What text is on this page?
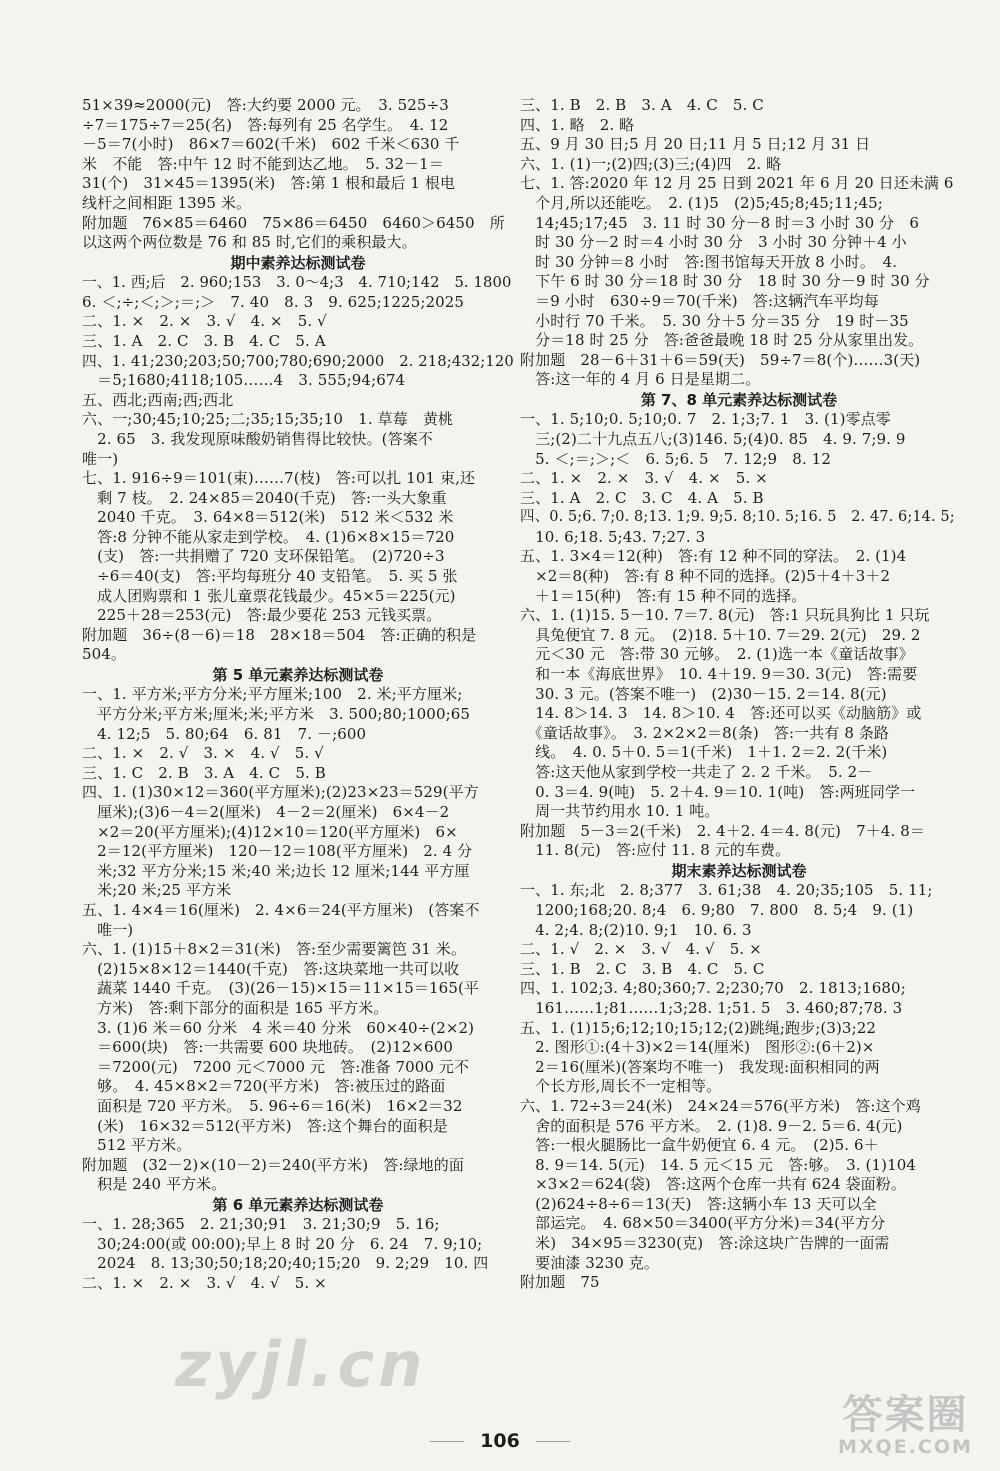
51×39≈2000(元)　答:大约要 2000 元。　3. 525÷3
÷7＝175÷7＝25(名)　答:每列有 25 名学生。　4. 12
－5＝7(小时)　86×7＝602(千米)　602 千米＜630 千
米　不能　答:中午 12 时不能到达乙地。　5. 32－1＝
31(个)　31×45＝1395(米)　答:第 1 根和最后 1 根电
线杆之间相距 1395 米。
附加题　76×85＝6460　75×86＝6450　6460＞6450　所
以这两个两位数是 76 和 85 时,它们的乘积最大。
期中素养达标测试卷
一、1. 西;后　2. 960;153　3. 0～4;3　4. 710;142　5. 1800
6. ＜;÷;＜;＞;＝;＞　7. 40　8. 3　9. 625;1225;2025
二、1. ×　2. ×　3. √　4. ×　5. √
三、1. A　2. C　3. B　4. C　5. A
四、1. 41;230;203;50;700;780;690;2000　2. 218;432;120
　＝5;1680;4118;105……4　3. 555;94;674
五、西北;西南;西;西北
六、一;30;45;10;25;二;35;15;35;10　1. 草莓　黄桃
　2. 65　3. 我发现原味酸奶销售得比较快。(答案不
唯一)
七、1. 916÷9＝101(束)……7(枝)　答:可以扎 101 束,还
　剩 7 枝。　2. 24×85＝2040(千克)　答:一头大象重
　2040 千克。　3. 64×8＝512(米)　512 米＜532 米
　答:8 分钟不能从家走到学校。　4. (1)6×8×15＝720
　(支)　答:一共捐赠了 720 支环保铅笔。　(2)720÷3
　÷6＝40(支)　答:平均每班分 40 支铅笔。　5. 买 5 张
　成人团购票和 1 张儿童票花钱最少。45×5＝225(元)
　225＋28＝253(元)　答:最少要花 253 元钱买票。
附加题　36÷(8－6)＝18　28×18＝504　答:正确的积是
504。
第 5 单元素养达标测试卷
一、1. 平方米;平方分米;平方厘米;100　2. 米;平方厘米;
　平方分米;平方米;厘米;米;平方米　3. 500;80;1000;65
　4. 12;5　5. 80;64　6. 81　7. －;600
二、1. ×　2. √　3. ×　4. √　5. √
三、1. C　2. B　3. A　4. C　5. B
四、1. (1)30×12＝360(平方厘米);(2)23×23＝529(平方
　厘米);(3)6－4＝2(厘米)　4－2＝2(厘米)　6×4－2
　×2＝20(平方厘米);(4)12×10＝120(平方厘米)　6×
　2＝12(平方厘米)　120－12＝108(平方厘米)　2. 4 分
　米;32 平方分米;15 米;40 米;边长 12 厘米;144 平方厘
　米;20 米;25 平方米
五、1. 4×4＝16(厘米)　2. 4×6＝24(平方厘米)　(答案不
　唯一)
六、1. (1)15＋8×2＝31(米)　答:至少需要篱笆 31 米。
　(2)15×8×12＝1440(千克)　答:这块菜地一共可以收
　蔬菜 1440 千克。　(3)(26－15)×15＝11×15＝165(平
　方米)　答:剩下部分的面积是 165 平方米。
　3. (1)6 米＝60 分米　4 米＝40 分米　60×40÷(2×2)
　＝600(块)　答:一共需要 600 块地砖。　(2)12×600
　＝7200(元)　7200 元＜7000 元　答:准备 7000 元不
　够。　4. 45×8×2＝720(平方米)　答:被压过的路面
　面积是 720 平方米。　5. 96÷6＝16(米)　16×2＝32
　(米)　16×32＝512(平方米)　答:这个舞台的面积是
　512 平方米。
附加题　(32－2)×(10－2)＝240(平方米)　答:绿地的面
　积是 240 平方米。
第 6 单元素养达标测试卷
一、1. 28;365　2. 21;30;91　3. 21;30;9　5. 16;
　30;24:00(或 00:00);早上 8 时 20 分　6. 24　7. 9;10;
　2024　8. 13;30;50;18;20;40;15;20　9. 2;29　10. 四
二、1. ×　2. ×　3. √　4. √　5. ×
三、1. B　2. B　3. A　4. C　5. C
四、1. 略　2. 略
五、9 月 30 日;5 月 20 日;11 月 5 日;12 月 31 日
六、1. (1)一;(2)四;(3)三;(4)四　2. 略
七、1. 答:2020 年 12 月 25 日到 2021 年 6 月 20 日还未满 6
　个月,所以还能吃。　2. (1)5　(2)5;45;8;45;11;45;
　14;45;17;45　3. 11 时 30 分－8 时＝3 小时 30 分　6
　时 30 分－2 时＝4 小时 30 分　3 小时 30 分钟＋4 小
　时 30 分钟＝8 小时　答:图书馆每天开放 8 小时。　4.
　下午 6 时 30 分＝18 时 30 分　18 时 30 分－9 时 30 分
　＝9 小时　630÷9＝70(千米)　答:这辆汽车平均每
　小时行 70 千米。　5. 30 分＋5 分＝35 分　19 时－35
　分＝18 时 25 分　答:爸爸最晚 18 时 25 分从家里出发。
附加题　28－6＋31＋6＝59(天)　59÷7＝8(个)……3(天)
　答:这一年的 4 月 6 日是星期二。
第 7、8 单元素养达标测试卷
一、1. 5;10;0. 5;10;0. 7　2. 1;3;7. 1　3. (1)零点零
　三;(2)二十九点五八;(3)146. 5;(4)0. 85　4. 9. 7;9. 9
　5. ＜;＝;＞;＜　6. 5;6. 5　7. 12;9　8. 12
二、1. ×　2. ×　3. √　4. ×　5. ×
三、1. A　2. C　3. C　4. A　5. B
四、0. 5;6. 7;0. 8;13. 1;9. 9;5. 8;10. 5;16. 5　2. 47. 6;14. 5;
　10. 6;18. 5;43. 7;27. 3
五、1. 3×4＝12(种)　答:有 12 种不同的穿法。　2. (1)4
　×2＝8(种)　答:有 8 种不同的选择。(2)5＋4＋3＋2
　＋1＝15(种)　答:有 15 种不同的选择。
六、1. (1)15. 5－10. 7＝7. 8(元)　答:1 只玩具狗比 1 只玩
　具兔便宜 7. 8 元。　(2)18. 5＋10. 7＝29. 2(元)　29. 2
　元＜30 元　答:带 30 元够。　2. (1)选一本《童话故事》
　和一本《海底世界》　10. 4＋19. 9＝30. 3(元)　答:需要
　30. 3 元。(答案不唯一)　(2)30－15. 2＝14. 8(元)
　14. 8＞14. 3　14. 8＞10. 4　答:还可以买《动脑筋》或
　《童话故事》。　3. 2×2×2＝8(条)　答:一共有 8 条路
　线。　4. 0. 5＋0. 5＝1(千米)　1＋1. 2＝2. 2(千米)
　答:这天他从家到学校一共走了 2. 2 千米。　5. 2－
　0. 3＝4. 9(吨)　5. 2＋4. 9＝10. 1(吨)　答:两班同学一
　周一共节约用水 10. 1 吨。
附加题　5－3＝2(千米)　2. 4＋2. 4＝4. 8(元)　7＋4. 8＝
　11. 8(元)　答:应付 11. 8 元的车费。
期末素养达标测试卷
一、1. 东;北　2. 8;377　3. 61;38　4. 20;35;105　5. 11;
　1200;168;20. 8;4　6. 9;80　7. 800　8. 5;4　9. (1)
　4. 2;4. 8;(2)10. 9;1　10. 6. 3
二、1. √　2. ×　3. √　4. √　5. ×
三、1. B　2. C　3. B　4. C　5. C
四、1. 102;3. 4;80;360;7. 2;230;70　2. 1813;1680;
　161……1;81……1;3;28. 1;51. 5　3. 460;87;78. 3
五、1. (1)15;6;12;10;15;12;(2)跳绳;跑步;(3)3;22
　2. 图形①:(4＋3)×2＝14(厘米)　图形②:(6＋2)×
　2＝16(厘米)(答案均不唯一)　我发现:面积相同的两
　个长方形,周长不一定相等。
六、1. 72÷3＝24(米)　24×24＝576(平方米)　答:这个鸡
　舍的面积是 576 平方米。　2. (1)8. 9－2. 5＝6. 4(元)
　答:一根火腿肠比一盒牛奶便宜 6. 4 元。　(2)5. 6＋
　8. 9＝14. 5(元)　14. 5 元＜15 元　答:够。　3. (1)104
　×3×2＝624(袋)　答:这两个仓库一共有 624 袋面粉。
　(2)624÷8÷6＝13(天)　答:这辆小车 13 天可以全
　部运完。　4. 68×50＝3400(平方分米)＝34(平方分
　米)　34×95＝3230(克)　答:涂这块广告牌的一面需
　要油漆 3230 克。
附加题　75
106
zyjl.cn
答案圈
MXQE.COM
